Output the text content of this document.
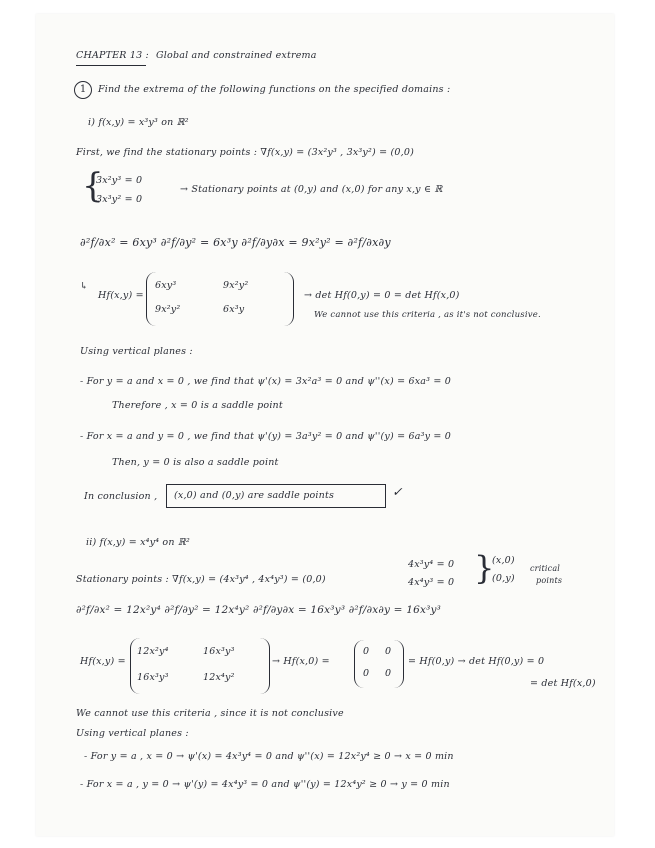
CHAPTER 13 : Global and constrained extrema
1	Find the extrema of the following functions on the specified domains :
i) f(x,y) = x³y³ on ℝ²
First, we find the stationary points : ∇f(x,y) = (3x²y³ , 3x³y²) = (0,0)
{
3x²y³ = 0
3x³y² = 0
→ Stationary points at (0,y) and (x,0) for any x,y ∈ ℝ
∂²f/∂x² = 6xy³ ∂²f/∂y² = 6x³y ∂²f/∂y∂x = 9x²y² = ∂²f/∂x∂y
↳
Hf(x,y) =
6xy³	9x²y²
9x²y²	6x³y
→ det Hf(0,y) = 0 = det Hf(x,0)
We cannot use this criteria , as it's not conclusive.
Using vertical planes :
- For y = a and x = 0 , we find that ψ'(x) = 3x²a³ = 0 and ψ''(x) = 6xa³ = 0
Therefore , x = 0 is a saddle point
- For x = a and y = 0 , we find that ψ'(y) = 3a³y² = 0 and ψ''(y) = 6a³y = 0
Then, y = 0 is also a saddle point
In conclusion , (x,0) and (0,y) are saddle points	✓
ii) f(x,y) = x⁴y⁴ on ℝ²
Stationary points : ∇f(x,y) = (4x³y⁴ , 4x⁴y³) = (0,0)
4x³y⁴ = 0
4x⁴y³ = 0 }
(x,0)
(0,y)
critical
points
∂²f/∂x² = 12x²y⁴ ∂²f/∂y² = 12x⁴y² ∂²f/∂y∂x = 16x³y³ ∂²f/∂x∂y = 16x³y³
Hf(x,y) =
12x²y⁴	16x³y³
16x³y³	12x⁴y²
→ Hf(x,0) =
0 0
0 0
= Hf(0,y) → det Hf(0,y) = 0
= det Hf(x,0)
We cannot use this criteria , since it is not conclusive
Using vertical planes :
- For y = a , x = 0 → ψ'(x) = 4x³y⁴ = 0 and ψ''(x) = 12x²y⁴ ≥ 0 → x = 0 min
- For x = a , y = 0 → ψ'(y) = 4x⁴y³ = 0 and ψ''(y) = 12x⁴y² ≥ 0 → y = 0 min
